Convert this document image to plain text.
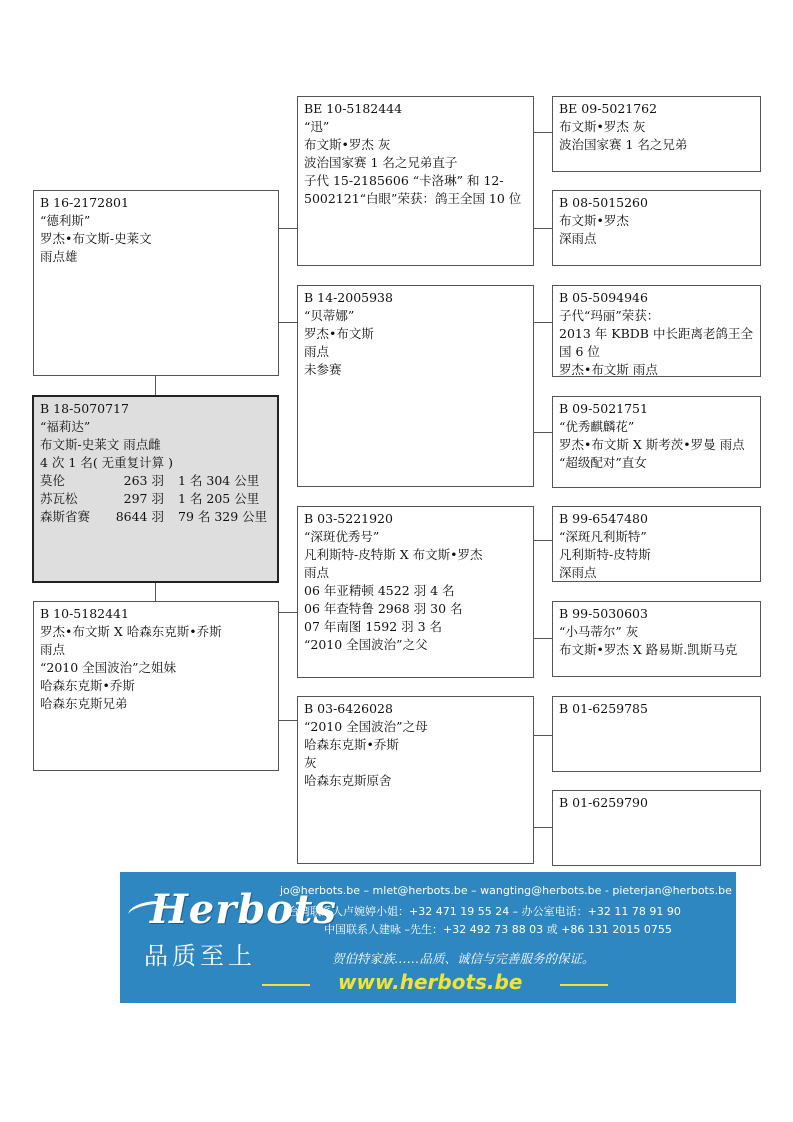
B 16-2172801
“德利斯”
罗杰•布文斯-史莱文
雨点雄
B 18-5070717
“福莉达”
布文斯-史莱文 雨点雌
4 次 1 名( 无重复计算 )
莫伦	263 羽	1 名 304 公里
苏瓦松	297 羽	1 名 205 公里
森斯省赛	8644 羽	79 名 329 公里
B 10-5182441
罗杰•布文斯 X 哈森东克斯•乔斯
雨点
“2010 全国波治”之姐妹
哈森东克斯•乔斯
哈森东克斯兄弟
BE 10-5182444
“迅”
布文斯•罗杰 灰
波治国家赛 1 名之兄弟直子
子代 15-2185606 “卡洛琳” 和 12-5002121“白眼”荣获：鸽王全国 10 位
B 14-2005938
“贝蒂娜”
罗杰•布文斯
雨点
未参赛
B 03-5221920
“深斑优秀号”
凡利斯特-皮特斯 X 布文斯•罗杰
雨点
06 年亚精顿 4522 羽 4 名
06 年查特鲁 2968 羽 30 名
07 年南图 1592 羽 3 名
“2010 全国波治”之父
B 03-6426028
“2010 全国波治”之母
哈森东克斯•乔斯
灰
哈森东克斯原舍
BE 09-5021762
布文斯•罗杰 灰
波治国家赛 1 名之兄弟
B 08-5015260
布文斯•罗杰
深雨点
B 05-5094946
子代“玛丽”荣获：
2013 年 KBDB 中长距离老鸽王全国 6 位
罗杰•布文斯 雨点
B 09-5021751
“优秀麒麟花”
罗杰•布文斯 X 斯考茨•罗曼 雨点
“超级配对”直女
B 99-6547480
“深斑凡利斯特”
凡利斯特-皮特斯
深雨点
B 99-5030603
“小马蒂尔” 灰
布文斯•罗杰 X 路易斯.凯斯马克
B 01-6259785
B 01-6259790
Herbots
品质至上
jo@herbots.be – mlet@herbots.be – wangting@herbots.be - pieterjan@herbots.be
台湾联系人卢婉婷小姐：+32 471 19 55 24 – 办公室电话：+32 11 78 91 90
中国联系人建咏 –先生：+32 492 73 88 03 或 +86 131 2015 0755
贺伯特家族……品质、诚信与完善服务的保证。
www.herbots.be
